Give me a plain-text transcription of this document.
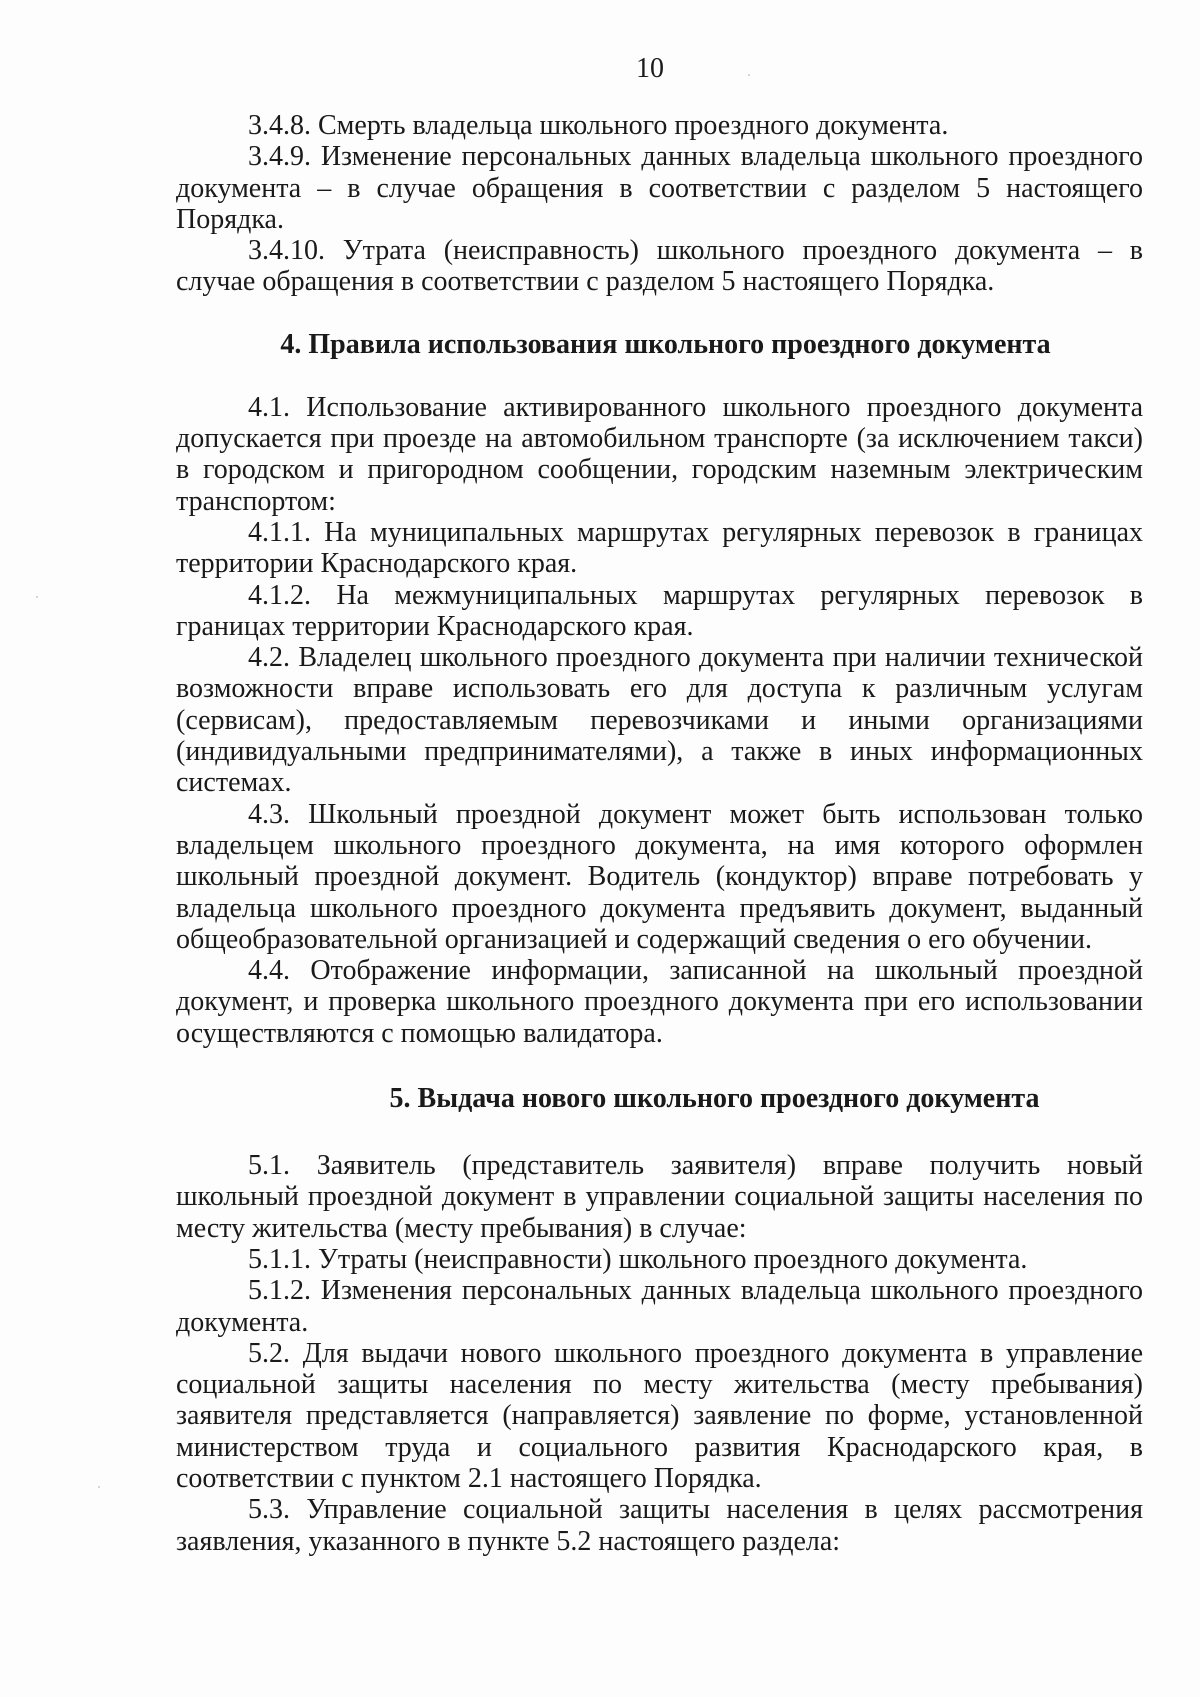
10

3.4.8. Смерть владельца школьного проездного документа.

3.4.9. Изменение персональных данных владельца школьного проездного документа – в случае обращения в соответствии с разделом 5 настоящего Порядка.

3.4.10. Утрата (неисправность) школьного проездного документа – в случае обращения в соответствии с разделом 5 настоящего Порядка.

4. Правила использования школьного проездного документа

4.1. Использование активированного школьного проездного документа допускается при проезде на автомобильном транспорте (за исключением такси) в городском и пригородном сообщении, городским наземным электрическим транспортом:

4.1.1. На муниципальных маршрутах регулярных перевозок в границах территории Краснодарского края.

4.1.2. На межмуниципальных маршрутах регулярных перевозок в границах территории Краснодарского края.

4.2. Владелец школьного проездного документа при наличии технической возможности вправе использовать его для доступа к различным услугам (сервисам), предоставляемым перевозчиками и иными организациями (индивидуальными предпринимателями), а также в иных информационных системах.

4.3. Школьный проездной документ может быть использован только владельцем школьного проездного документа, на имя которого оформлен школьный проездной документ. Водитель (кондуктор) вправе потребовать у владельца школьного проездного документа предъявить документ, выданный общеобразовательной организацией и содержащий сведения о его обучении.

4.4. Отображение информации, записанной на школьный проездной документ, и проверка школьного проездного документа при его использовании осуществляются с помощью валидатора.

5. Выдача нового школьного проездного документа

5.1. Заявитель (представитель заявителя) вправе получить новый школьный проездной документ в управлении социальной защиты населения по месту жительства (месту пребывания) в случае:

5.1.1. Утраты (неисправности) школьного проездного документа.

5.1.2. Изменения персональных данных владельца школьного проездного документа.

5.2. Для выдачи нового школьного проездного документа в управление социальной защиты населения по месту жительства (месту пребывания) заявителя представляется (направляется) заявление по форме, установленной министерством труда и социального развития Краснодарского края, в соответствии с пунктом 2.1 настоящего Порядка.

5.3. Управление социальной защиты населения в целях рассмотрения заявления, указанного в пункте 5.2 настоящего раздела:
